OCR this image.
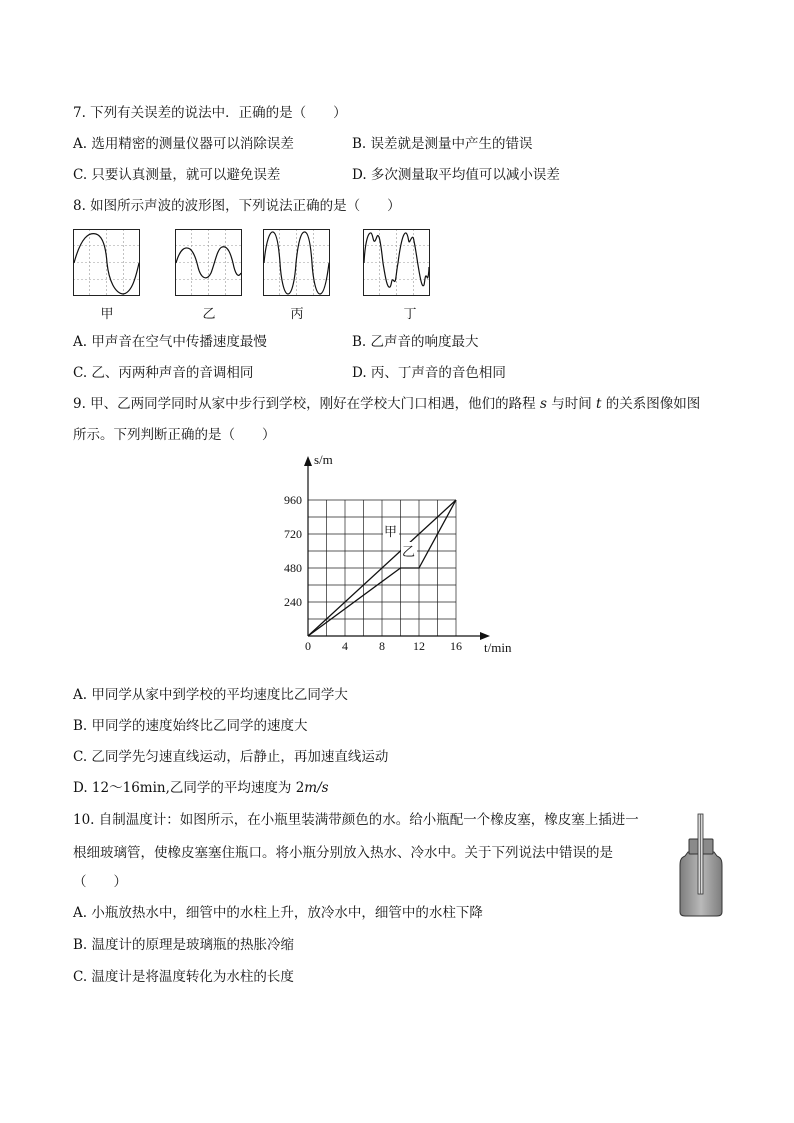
7. 下列有关误差的说法中．正确的是（　　）
A. 选用精密的测量仪器可以消除误差	B. 误差就是测量中产生的错误
C. 只要认真测量，就可以避免误差	D. 多次测量取平均值可以减小误差
8. 如图所示声波的波形图，下列说法正确的是（　　）
甲	乙	丙	丁
A. 甲声音在空气中传播速度最慢	B. 乙声音的响度最大
C. 乙、丙两种声音的音调相同	D. 丙、丁声音的音色相同
9. 甲、乙两同学同时从家中步行到学校，刚好在学校大门口相遇，他们的路程 s 与时间 t 的关系图像如图
所示。下列判断正确的是（　　）
0	4	8 12 16
240
480
720
960
s/m
t/min
甲
乙
A. 甲同学从家中到学校的平均速度比乙同学大
B. 甲同学的速度始终比乙同学的速度大
C. 乙同学先匀速直线运动，后静止，再加速直线运动
D. 12～16min,乙同学的平均速度为 2m/s
10. 自制温度计：如图所示，在小瓶里装满带颜色的水。给小瓶配一个橡皮塞，橡皮塞上插进一
根细玻璃管，使橡皮塞塞住瓶口。将小瓶分别放入热水、冷水中。关于下列说法中错误的是
（　　）
A. 小瓶放热水中，细管中的水柱上升，放冷水中，细管中的水柱下降
B. 温度计的原理是玻璃瓶的热胀冷缩
C. 温度计是将温度转化为水柱的长度
